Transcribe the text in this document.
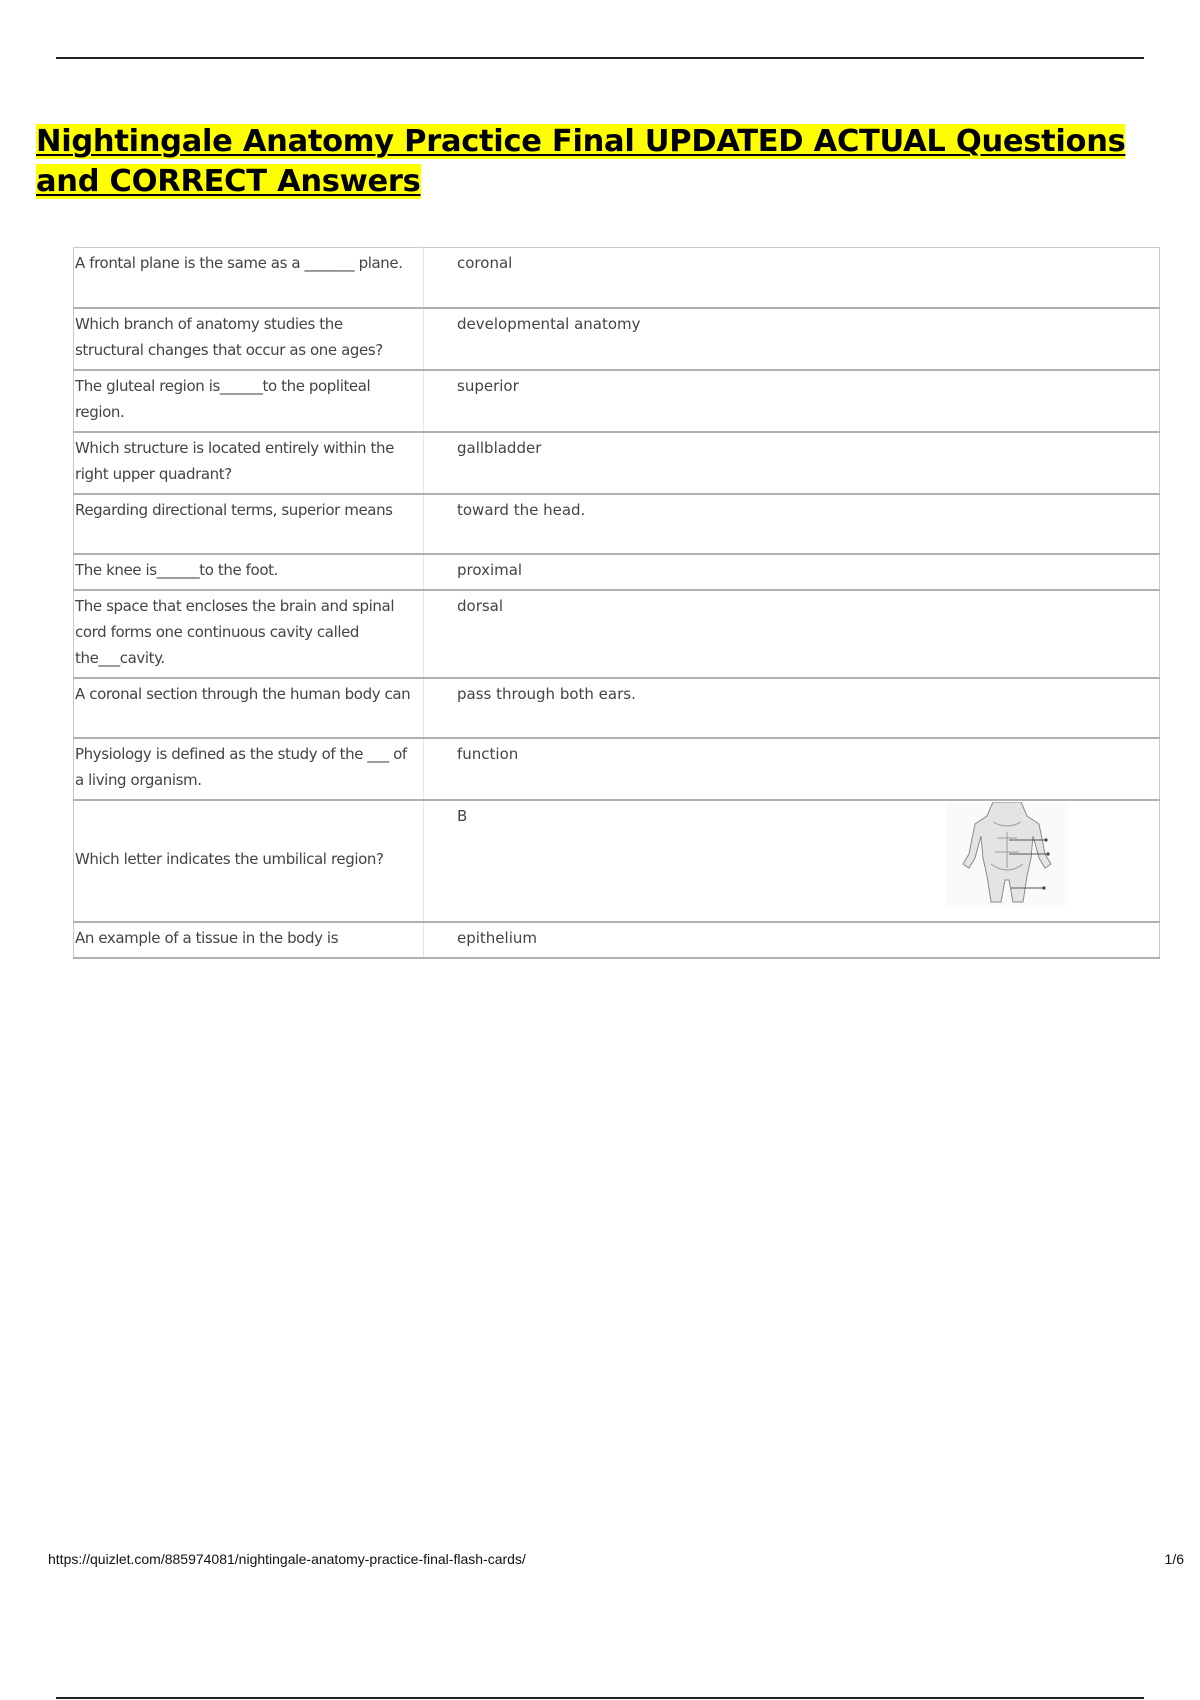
Nightingale Anatomy Practice Final UPDATED ACTUAL Questions and CORRECT Answers
A frontal plane is the same as a _______ plane.	coronal
Which branch of anatomy studies the structural changes that occur as one ages?	developmental anatomy
The gluteal region is______to the popliteal region.	superior
Which structure is located entirely within the right upper quadrant?	gallbladder
Regarding directional terms, superior means	toward the head.
The knee is______to the foot.	proximal
The space that encloses the brain and spinal cord forms one continuous cavity called the___cavity.	dorsal
A coronal section through the human body can	pass through both ears.
Physiology is defined as the study of the ___ of a living organism.	function
Which letter indicates the umbilical region?	B

An example of a tissue in the body is	epithelium
https://quizlet.com/885974081/nightingale-anatomy-practice-final-flash-cards/	1/6
